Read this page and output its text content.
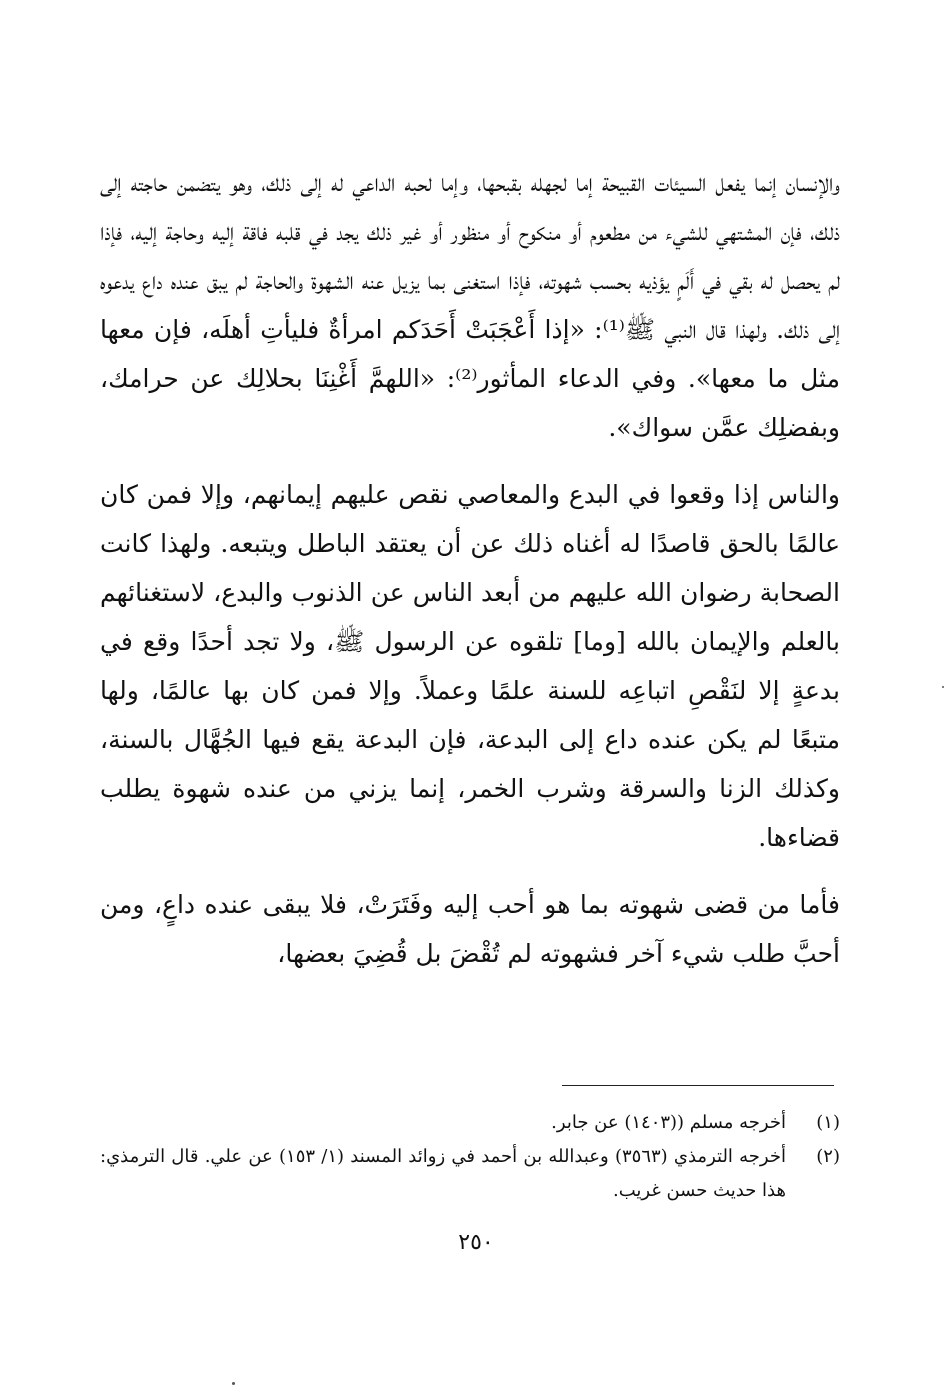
والإنسان إنما يفعل السيئات القبيحة إما لجهله بقبحها، وإما لحبه الداعي له إلى ذلك، وهو يتضمن حاجته إلى ذلك، فإن المشتهي للشيء من مطعوم أو منكوح أو منظور أو غير ذلك يجد في قلبه فاقة إليه وحاجة إليه، فإذا لم يحصل له بقي في أَلَمٍ يؤذيه بحسب شهوته، فإذا استغنى بما يزيل عنه الشهوة والحاجة لم يبق عنده داع يدعوه إلى ذلك. ولهذا قال النبي ﷺ⁽¹⁾: «إذا أَعْجَبَتْ أَحَدَكم امرأةٌ فليأتِ أهلَه، فإن معها مثل ما معها». وفي الدعاء المأثور⁽²⁾: «اللهمَّ أَغْنِنَا بحلالِك عن حرامك، وبفضلِك عمَّن سواك».

والناس إذا وقعوا في البدع والمعاصي نقص عليهم إيمانهم، وإلا فمن كان عالمًا بالحق قاصدًا له أغناه ذلك عن أن يعتقد الباطل ويتبعه. ولهذا كانت الصحابة رضوان الله عليهم من أبعد الناس عن الذنوب والبدع، لاستغنائهم بالعلم والإيمان بالله [وما] تلقوه عن الرسول ﷺ، ولا تجد أحدًا وقع في بدعةٍ إلا لنَقْصِ اتباعِه للسنة علمًا وعملاً. وإلا فمن كان بها عالمًا، ولها متبعًا لم يكن عنده داع إلى البدعة، فإن البدعة يقع فيها الجُهَّال بالسنة، وكذلك الزنا والسرقة وشرب الخمر، إنما يزني من عنده شهوة يطلب قضاءها.

فأما من قضى شهوته بما هو أحب إليه وفَتَرَتْ، فلا يبقى عنده داعٍ، ومن أحبَّ طلب شيء آخر فشهوته لم تُقْضَ بل قُضِيَ بعضها،

(١)
أخرجه مسلم ((١٤٠٣) عن جابر.
(٢)
أخرجه الترمذي (٣٥٦٣) وعبدالله بن أحمد في زوائد المسند (١/ ١٥٣) عن علي. قال الترمذي: هذا حديث حسن غريب.
٢٥٠
